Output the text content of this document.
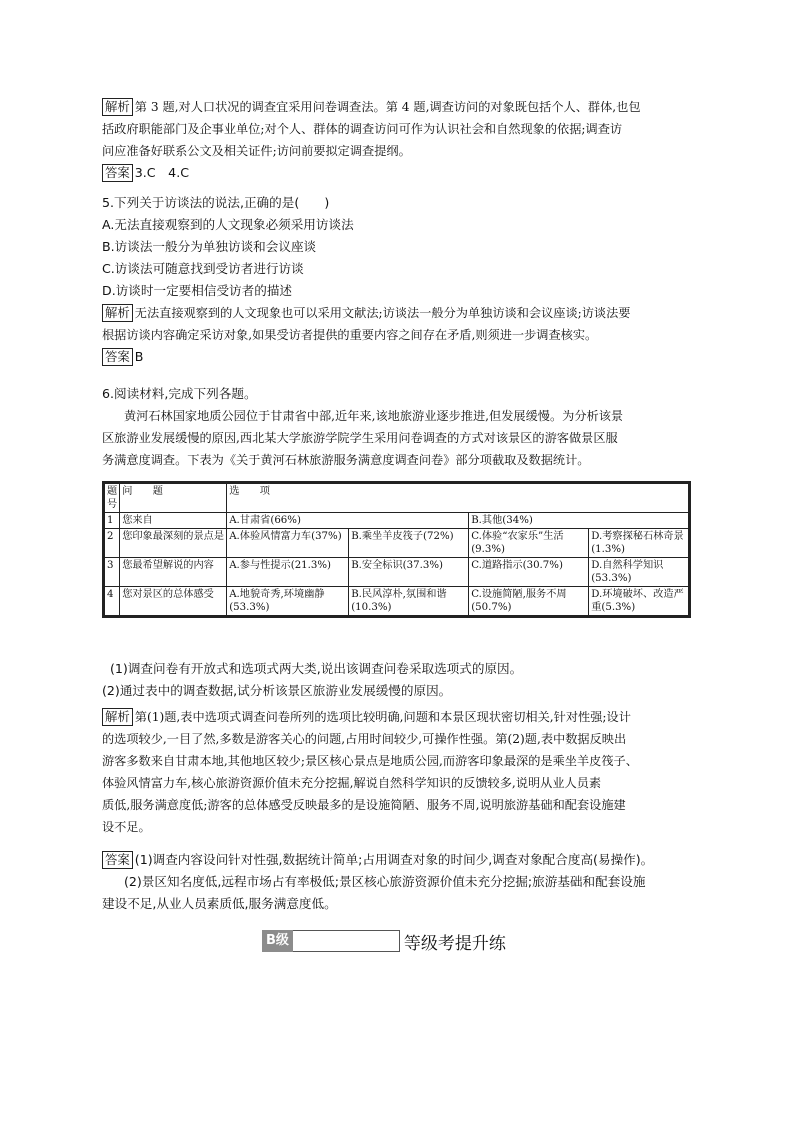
解析 第 3 题,对人口状况的调查宜采用问卷调查法。第 4 题,调查访问的对象既包括个人、群体,也包
括政府职能部门及企事业单位;对个人、群体的调查访问可作为认识社会和自然现象的依据;调查访
问应准备好联系公文及相关证件;访问前要拟定调查提纲。
答案 3.C　4.C
5.下列关于访谈法的说法,正确的是(　　)
A.无法直接观察到的人文现象必须采用访谈法
B.访谈法一般分为单独访谈和会议座谈
C.访谈法可随意找到受访者进行访谈
D.访谈时一定要相信受访者的描述
解析 无法直接观察到的人文现象也可以采用文献法;访谈法一般分为单独访谈和会议座谈;访谈法要
根据访谈内容确定采访对象,如果受访者提供的重要内容之间存在矛盾,则须进一步调查核实。
答案 B
6.阅读材料,完成下列各题。
黄河石林国家地质公园位于甘肃省中部,近年来,该地旅游业逐步推进,但发展缓慢。为分析该景
区旅游业发展缓慢的原因,西北某大学旅游学院学生采用问卷调查的方式对该景区的游客做景区服
务满意度调查。下表为《关于黄河石林旅游服务满意度调查问卷》部分项截取及数据统计。
题号	问　　题	选　　项			
1	您来自	A.甘肃省(66%)		B.其他(34%)	
2	您印象最深刻的景点是	A.体验风情富力车(37%)	B.乘坐羊皮筏子(72%)	C.体验“农家乐”生活(9.3%)	D.考察探秘石林奇景(1.3%)
3	您最希望解说的内容	A.参与性提示(21.3%)	B.安全标识(37.3%)	C.道路指示(30.7%)	D.自然科学知识(53.3%)
4	您对景区的总体感受	A.地貌奇秀,环境幽静(53.3%)	B.民风淳朴,氛围和谐(10.3%)	C.设施简陋,服务不周(50.7%)	D.环境破坏、改造严重(5.3%)
(1)调查问卷有开放式和选项式两大类,说出该调查问卷采取选项式的原因。
(2)通过表中的调查数据,试分析该景区旅游业发展缓慢的原因。
解析 第(1)题,表中选项式调查问卷所列的选项比较明确,问题和本景区现状密切相关,针对性强;设计
的选项较少,一目了然,多数是游客关心的问题,占用时间较少,可操作性强。第(2)题,表中数据反映出
游客多数来自甘肃本地,其他地区较少;景区核心景点是地质公园,而游客印象最深的是乘坐羊皮筏子、
体验风情富力车,核心旅游资源价值未充分挖掘,解说自然科学知识的反馈较多,说明从业人员素
质低,服务满意度低;游客的总体感受反映最多的是设施简陋、服务不周,说明旅游基础和配套设施建
设不足。
答案 (1)调查内容设问针对性强,数据统计简单;占用调查对象的时间少,调查对象配合度高(易操作)。
(2)景区知名度低,远程市场占有率极低;景区核心旅游资源价值未充分挖掘;旅游基础和配套设施
建设不足,从业人员素质低,服务满意度低。
B级	等级考提升练
